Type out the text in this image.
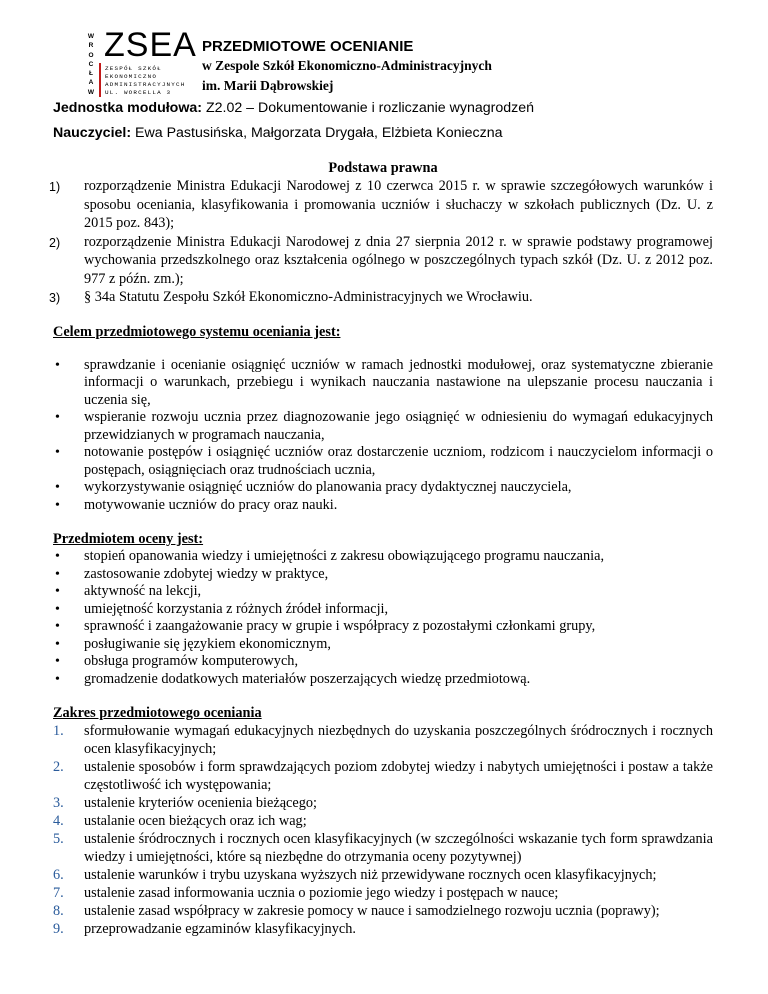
W
R
O
C
Ł
A
W
ZSEA
ZESPÓŁ SZKÓŁ
EKONOMICZNO
ADMINISTRACYJNYCH
UL. WORCELLA 3
PRZEDMIOTOWE OCENIANIE
w Zespole Szkół Ekonomiczno-Administracyjnych
im. Marii Dąbrowskiej
Jednostka modułowa: Z2.02 – Dokumentowanie i rozliczanie wynagrodzeń
Nauczyciel: Ewa Pastusińska, Małgorzata Drygała, Elżbieta Konieczna

Podstawa prawna

1) rozporządzenie Ministra Edukacji Narodowej z 10 czerwca 2015 r. w sprawie szczegółowych warunków i sposobu oceniania, klasyfikowania i promowania uczniów i słuchaczy w szkołach publicznych (Dz. U. z 2015 poz. 843);
2) rozporządzenie Ministra Edukacji Narodowej z dnia 27 sierpnia 2012 r. w sprawie podstawy programowej wychowania przedszkolnego oraz kształcenia ogólnego w poszczególnych typach szkół (Dz. U. z 2012 poz. 977 z późn. zm.);
3) § 34a Statutu Zespołu Szkół Ekonomiczno-Administracyjnych we Wrocławiu.

Celem przedmiotowego systemu oceniania jest:

• sprawdzanie i ocenianie osiągnięć uczniów w ramach jednostki modułowej, oraz systematyczne zbieranie informacji o warunkach, przebiegu i wynikach nauczania nastawione na ulepszanie procesu nauczania i uczenia się,
• wspieranie rozwoju ucznia przez diagnozowanie jego osiągnięć w odniesieniu do wymagań edukacyjnych przewidzianych w programach nauczania,
• notowanie postępów i osiągnięć uczniów oraz dostarczenie uczniom, rodzicom i nauczycielom informacji o postępach, osiągnięciach oraz trudnościach ucznia,
• wykorzystywanie osiągnięć uczniów do planowania pracy dydaktycznej nauczyciela,
• motywowanie uczniów do pracy oraz nauki.

Przedmiotem oceny jest:

• stopień opanowania wiedzy i umiejętności z zakresu obowiązującego programu nauczania,
• zastosowanie zdobytej wiedzy w praktyce,
• aktywność na lekcji,
• umiejętność korzystania z różnych źródeł informacji,
• sprawność i zaangażowanie pracy w grupie i współpracy z pozostałymi członkami grupy,
• posługiwanie się językiem ekonomicznym,
• obsługa programów komputerowych,
• gromadzenie dodatkowych materiałów poszerzających wiedzę przedmiotową.

Zakres przedmiotowego oceniania

1. sformułowanie wymagań edukacyjnych niezbędnych do uzyskania poszczególnych śródrocznych i rocznych ocen klasyfikacyjnych;
2. ustalenie sposobów i form sprawdzających poziom zdobytej wiedzy i nabytych umiejętności i postaw a także częstotliwość ich występowania;
3. ustalenie kryteriów ocenienia bieżącego;
4. ustalanie ocen bieżących oraz ich wag;
5. ustalenie śródrocznych i rocznych ocen klasyfikacyjnych (w szczególności wskazanie tych form sprawdzania wiedzy i umiejętności, które są niezbędne do otrzymania oceny pozytywnej)
6. ustalenie warunków i trybu uzyskana wyższych niż przewidywane rocznych ocen klasyfikacyjnych;
7. ustalenie zasad informowania ucznia o poziomie jego wiedzy i postępach w nauce;
8. ustalenie zasad współpracy w zakresie pomocy w nauce i samodzielnego rozwoju ucznia (poprawy);
9. przeprowadzanie egzaminów klasyfikacyjnych.
